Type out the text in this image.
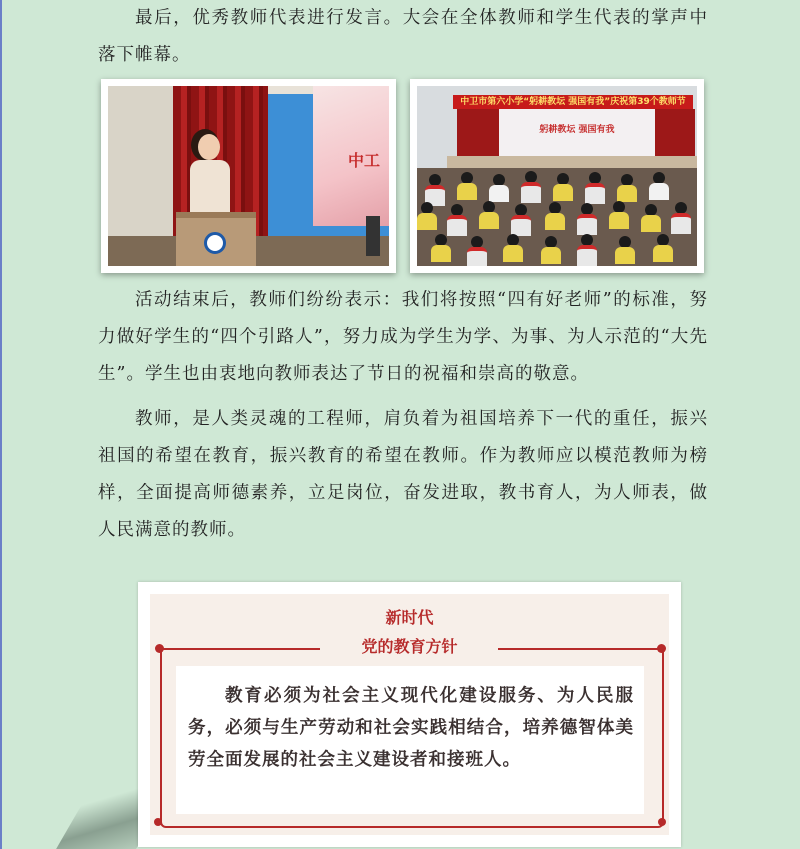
最后，优秀教师代表进行发言。大会在全体教师和学生代表的掌声中落下帷幕。

中工
中卫市第六小学“躬耕教坛 强国有我”庆祝第39个教师节
躬耕教坛 强国有我

活动结束后，教师们纷纷表示：我们将按照“四有好老师”的标准，努力做好学生的“四个引路人”，努力成为学生为学、为事、为人示范的“大先生”。学生也由衷地向教师表达了节日的祝福和崇高的敬意。

教师，是人类灵魂的工程师，肩负着为祖国培养下一代的重任，振兴祖国的希望在教育，振兴教育的希望在教师。作为教师应以模范教师为榜样，全面提高师德素养，立足岗位，奋发进取，教书育人，为人师表，做人民满意的教师。

新时代
党的教育方针

教育必须为社会主义现代化建设服务、为人民服务，必须与生产劳动和社会实践相结合，培养德智体美劳全面发展的社会主义建设者和接班人。
